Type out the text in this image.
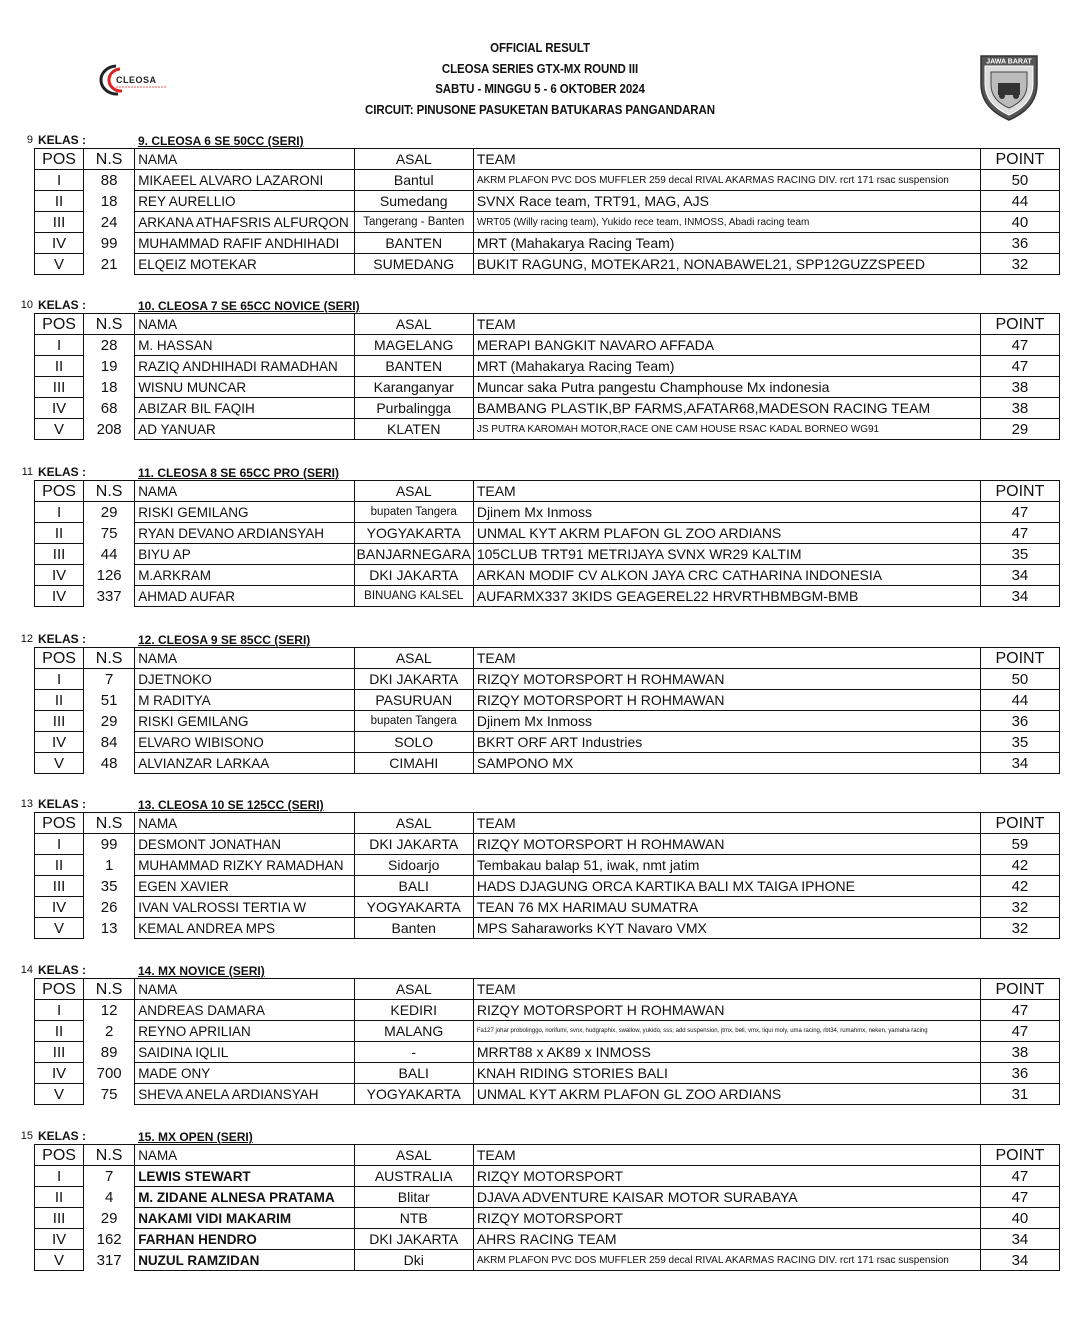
OFFICIAL RESULT
CLEOSA SERIES GTX-MX ROUND III
SABTU - MINGGU 5 - 6 OKTOBER 2024
CIRCUIT: PINUSONE PASUKETAN BATUKARAS PANGANDARAN
CLEOSA
JAWA BARAT
9 KELAS :	9. CLEOSA 6 SE 50CC (SERI)
POS	N.S	NAMA	ASAL	TEAM	POINT
I	88	MIKAEEL ALVARO LAZARONI	Bantul	AKRM PLAFON PVC DOS MUFFLER 259 decal RIVAL AKARMAS RACING DIV. rcrt 171 rsac suspension	50
II	18	REY AURELLIO	Sumedang	SVNX Race team, TRT91, MAG, AJS	44
III	24	ARKANA ATHAFSRIS ALFURQON	Tangerang - Banten	WRT05 (Willy racing team), Yukido rece team, INMOSS, Abadi racing team	40
IV	99	MUHAMMAD RAFIF ANDHIHADI	BANTEN	MRT (Mahakarya Racing Team)	36
V	21	ELQEIZ MOTEKAR	SUMEDANG	BUKIT RAGUNG, MOTEKAR21, NONABAWEL21, SPP12GUZZSPEED	32
10 KELAS :	10. CLEOSA 7 SE 65CC NOVICE (SERI)
POS	N.S	NAMA	ASAL	TEAM	POINT
I	28	M. HASSAN	MAGELANG	MERAPI BANGKIT NAVARO AFFADA	47
II	19	RAZIQ ANDHIHADI RAMADHAN	BANTEN	MRT (Mahakarya Racing Team)	47
III	18	WISNU MUNCAR	Karanganyar	Muncar saka Putra pangestu Champhouse Mx indonesia	38
IV	68	ABIZAR BIL FAQIH	Purbalingga	BAMBANG PLASTIK,BP FARMS,AFATAR68,MADESON RACING TEAM	38
V	208	AD YANUAR	KLATEN	JS PUTRA KAROMAH MOTOR,RACE ONE CAM HOUSE RSAC KADAL BORNEO WG91	29
11 KELAS :	11. CLEOSA 8 SE 65CC PRO (SERI)
POS	N.S	NAMA	ASAL	TEAM	POINT
I	29	RISKI GEMILANG	bupaten Tangera	Djinem Mx Inmoss	47
II	75	RYAN DEVANO ARDIANSYAH	YOGYAKARTA	UNMAL KYT AKRM PLAFON GL ZOO ARDIANS	47
III	44	BIYU AP	BANJARNEGARA	105CLUB TRT91 METRIJAYA SVNX WR29 KALTIM	35
IV	126	M.ARKRAM	DKI JAKARTA	ARKAN MODIF CV ALKON JAYA CRC CATHARINA INDONESIA	34
IV	337	AHMAD AUFAR	BINUANG KALSEL	AUFARMX337 3KIDS GEAGEREL22 HRVRTHBMBGM-BMB	34
12 KELAS :	12. CLEOSA 9 SE 85CC (SERI)
POS	N.S	NAMA	ASAL	TEAM	POINT
I	7	DJETNOKO	DKI JAKARTA	RIZQY MOTORSPORT H ROHMAWAN	50
II	51	M RADITYA	PASURUAN	RIZQY MOTORSPORT H ROHMAWAN	44
III	29	RISKI GEMILANG	bupaten Tangera	Djinem Mx Inmoss	36
IV	84	ELVARO WIBISONO	SOLO	BKRT ORF ART Industries	35
V	48	ALVIANZAR LARKAA	CIMAHI	SAMPONO MX	34
13 KELAS :	13. CLEOSA 10 SE 125CC (SERI)
POS	N.S	NAMA	ASAL	TEAM	POINT
I	99	DESMONT JONATHAN	DKI JAKARTA	RIZQY MOTORSPORT H ROHMAWAN	59
II	1	MUHAMMAD RIZKY RAMADHAN	Sidoarjo	Tembakau balap 51, iwak, nmt jatim	42
III	35	EGEN XAVIER	BALI	HADS DJAGUNG ORCA KARTIKA BALI MX TAIGA IPHONE	42
IV	26	IVAN VALROSSI TERTIA W	YOGYAKARTA	TEAN 76 MX HARIMAU SUMATRA	32
V	13	KEMAL ANDREA MPS	Banten	MPS Saharaworks KYT Navaro VMX	32
14 KELAS :	14. MX NOVICE (SERI)
POS	N.S	NAMA	ASAL	TEAM	POINT
I	12	ANDREAS DAMARA	KEDIRI	RIZQY MOTORSPORT H ROHMAWAN	47
II	2	REYNO APRILIAN	MALANG	Fa127 johar probolinggo, norifumi, svnx, hudgraphix, swallow, yukido, sss, add suspension, jtmx, bell, vmx, liqui moly, uma racing, rbt34, rumahmx, neken, yamaha racing	47
III	89	SAIDINA IQLIL	-	MRRT88 x AK89 x INMOSS	38
IV	700	MADE ONY	BALI	KNAH RIDING STORIES BALI	36
V	75	SHEVA ANELA ARDIANSYAH	YOGYAKARTA	UNMAL KYT AKRM PLAFON GL ZOO ARDIANS	31
15 KELAS :	15. MX OPEN (SERI)
POS	N.S	NAMA	ASAL	TEAM	POINT
I	7	LEWIS STEWART	AUSTRALIA	RIZQY MOTORSPORT	47
II	4	M. ZIDANE ALNESA PRATAMA	Blitar	DJAVA ADVENTURE KAISAR MOTOR SURABAYA	47
III	29	NAKAMI VIDI MAKARIM	NTB	RIZQY MOTORSPORT	40
IV	162	FARHAN HENDRO	DKI JAKARTA	AHRS RACING TEAM	34
V	317	NUZUL RAMZIDAN	Dki	AKRM PLAFON PVC DOS MUFFLER 259 decal RIVAL AKARMAS RACING DIV. rcrt 171 rsac suspension	34
